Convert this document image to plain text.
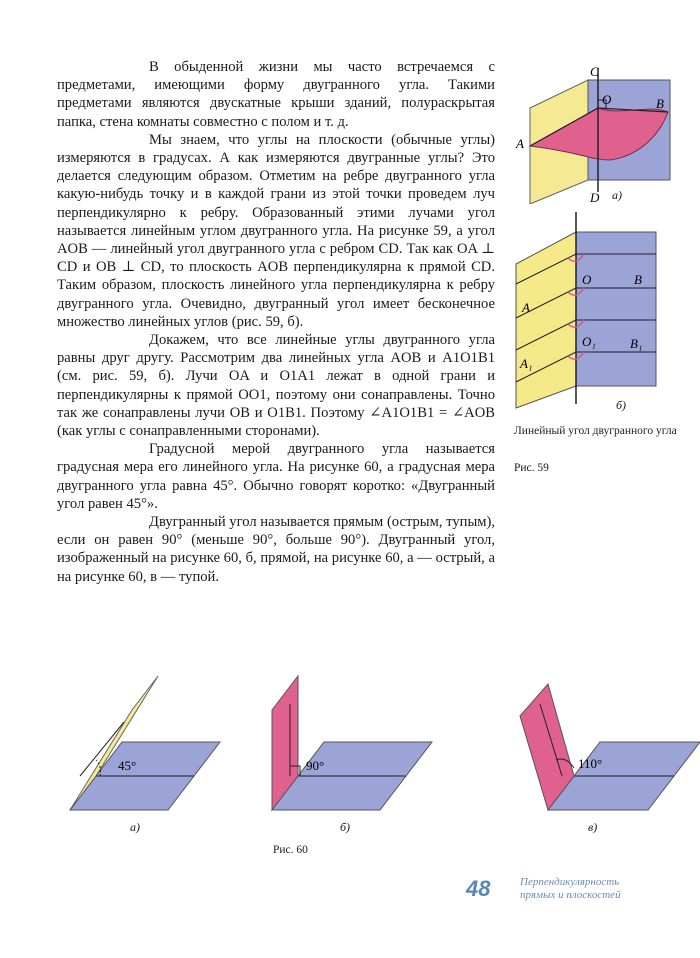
В обыденной жизни мы часто встречаемся с предметами, имеющими форму двугранного угла. Такими предметами являются двускатные крыши зданий, полураскрытая папка, стена комнаты совместно с полом и т. д.

Мы знаем, что углы на плоскости (обычные углы) измеряются в градусах. А как измеряются двугранные углы? Это делается следующим образом. Отметим на ребре двугранного угла какую-нибудь точку и в каждой грани из этой точки проведем луч перпендикулярно к ребру. Образованный этими лучами угол называется линейным углом двугранного угла. На рисунке 59, а угол AOB — линейный угол двугранного угла с ребром CD. Так как OA ⊥ CD и OB ⊥ CD, то плоскость AOB перпендикулярна к прямой CD. Таким образом, плоскость линейного угла перпендикулярна к ребру двугранного угла. Очевидно, двугранный угол имеет бесконечное множество линейных углов (рис. 59, б).

Докажем, что все линейные углы двугранного угла равны друг другу. Рассмотрим два линейных угла AOB и A1O1B1 (см. рис. 59, б). Лучи OA и O1A1 лежат в одной грани и перпендикулярны к прямой OO1, поэтому они сонаправлены. Точно так же сонаправлены лучи OB и O1B1. Поэтому ∠A1O1B1 = ∠AOB (как углы с сонаправленными сторонами).

Градусной мерой двугранного угла называется градусная мера его линейного угла. На рисунке 60, а градусная мера двугранного угла равна 45°. Обычно говорят коротко: «Двугранный угол равен 45°».

Двугранный угол называется прямым (острым, тупым), если он равен 90° (меньше 90°, больше 90°). Двугранный угол, изображенный на рисунке 60, б, прямой, на рисунке 60, а — острый, а на рисунке 60, в — тупой.

C
O	B
A
D а)
O	B
A
O₁	B₁
A₁
б)
Линейный угол двугранного угла
Рис. 59
45°	90°	110°
а)	б)	в)
Рис. 60
48	Перпендикулярность
прямых и плоскостей
